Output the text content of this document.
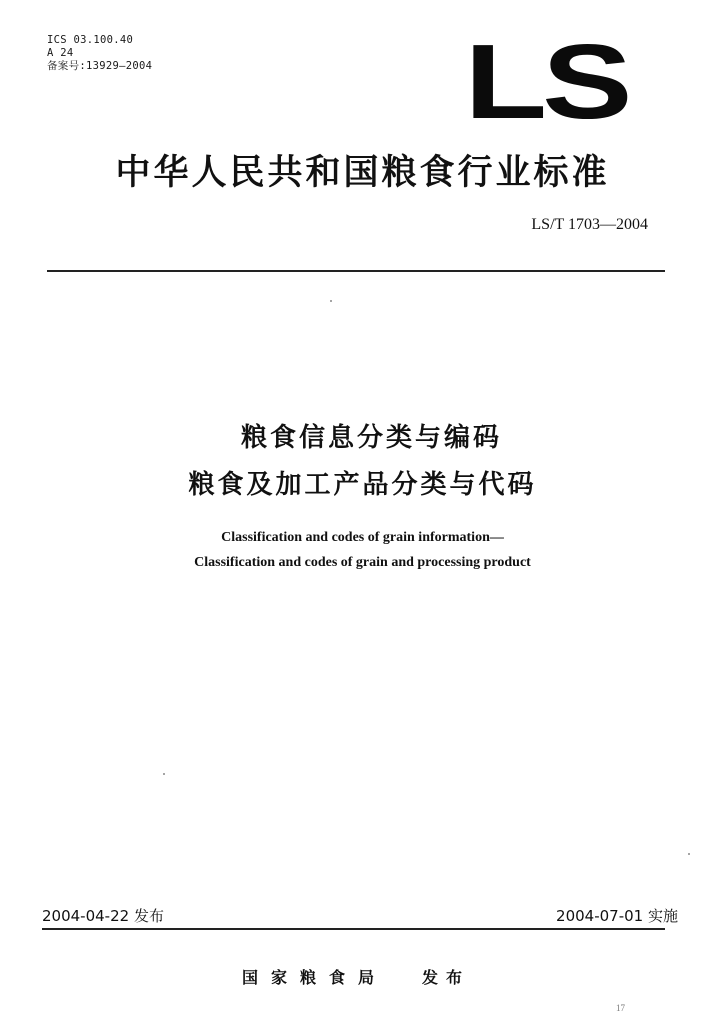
ICS 03.100.40
A 24
备案号:13929—2004	LS
中华人民共和国粮食行业标准
LS/T 1703—2004
粮食信息分类与编码
粮食及加工产品分类与代码
Classification and codes of grain information—
Classification and codes of grain and processing product
2004-04-22 发布	2004-07-01 实施
国家粮食局 发布
17
